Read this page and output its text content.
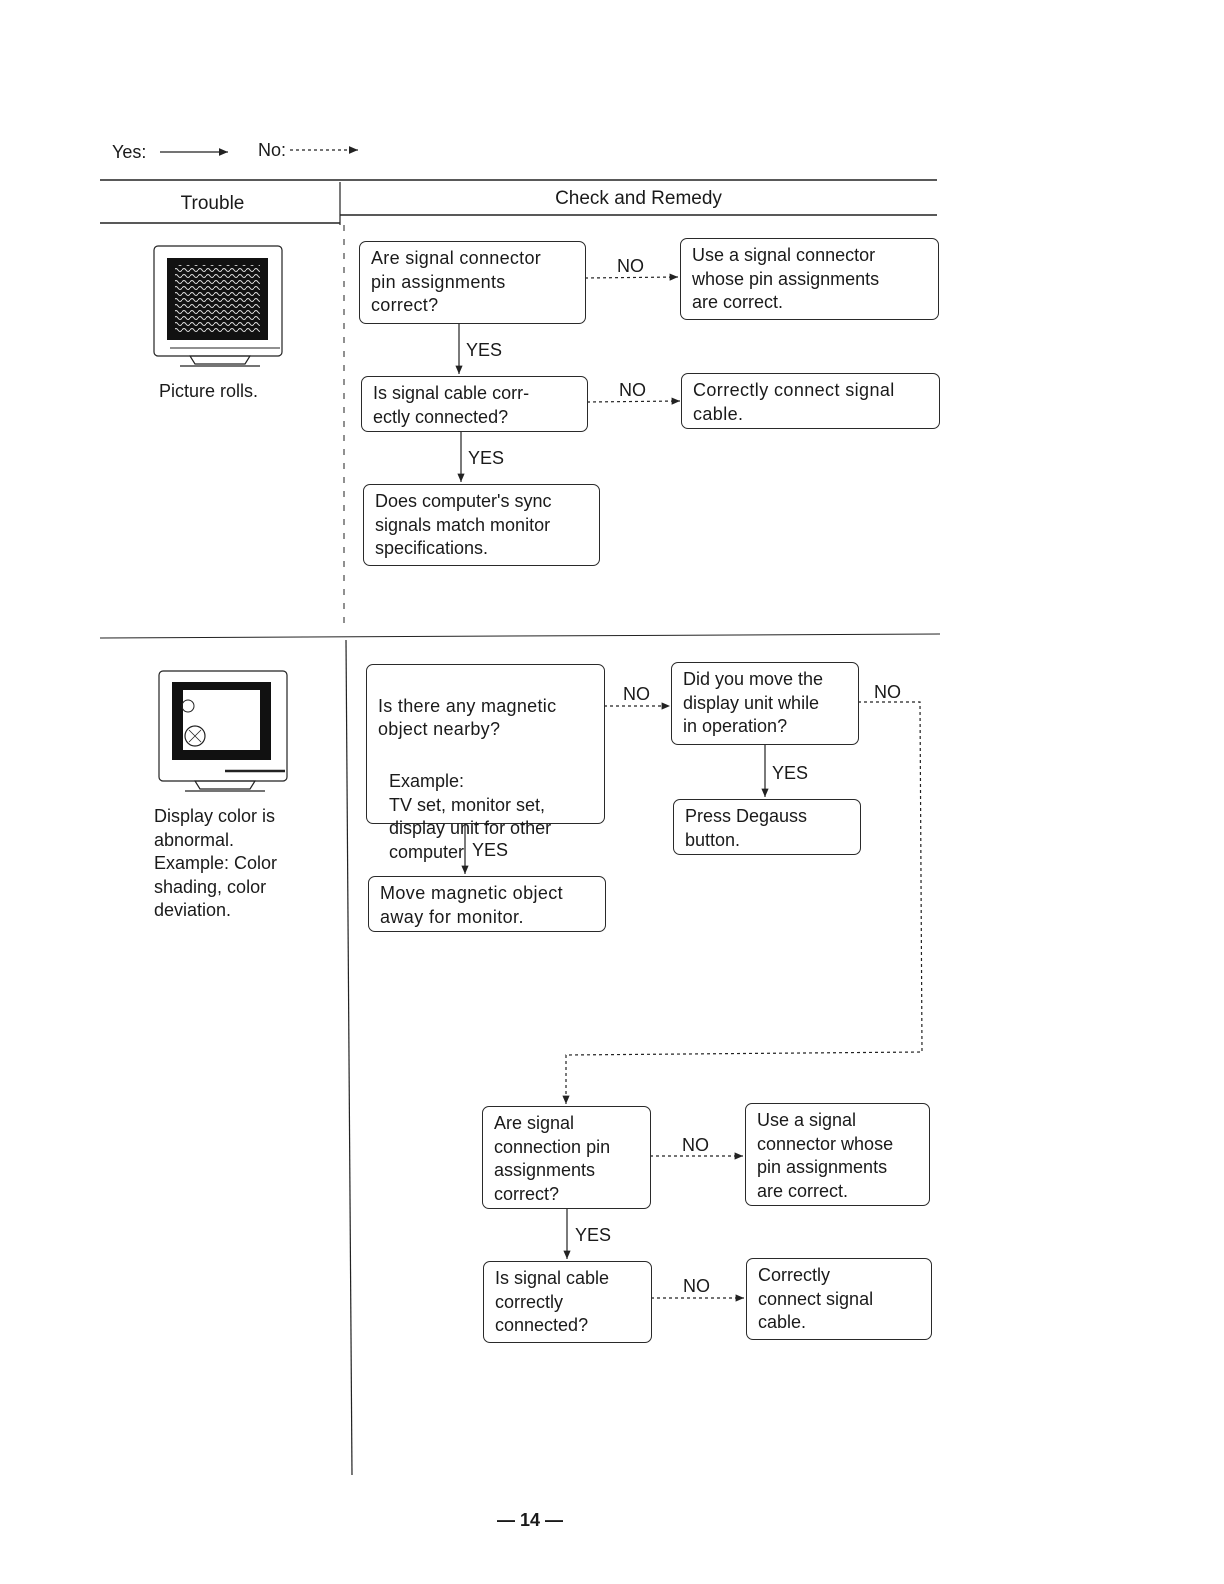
Yes:	No:
Trouble	Check and Remedy
Picture rolls.
Are signal connector
pin assignments
correct?
Use a signal connector
whose pin assignments
are correct.
Is signal cable corr-
ectly connected?
Correctly connect signal
cable.
Does computer's sync
signals match monitor
specifications.
YES
YES
NO
NO
Display color is
abnormal.
Example: Color
shading, color
deviation.

Is there any magnetic
object nearby?

Example:
TV set, monitor set,
display unit for other
computer

Move magnetic object
away for monitor.
Did you move the
display unit while
in operation?
Press Degauss
button.
Are signal
connection pin
assignments
correct?
Use a signal
connector whose
pin assignments
are correct.
Is signal cable
correctly
connected?
Correctly
connect signal
cable.
YES
YES
YES
NO	NO
NO
NO
— 14 —
